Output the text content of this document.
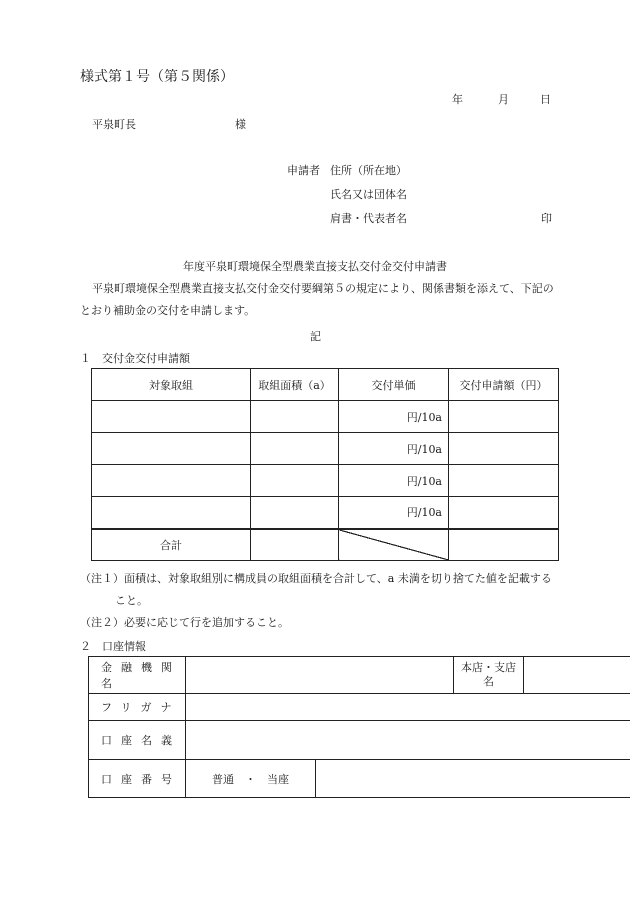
様式第１号（第５関係）
年	月	日
平泉町長	様
申請者 住所（所在地）
氏名又は団体名
肩書・代表者名	印
年度平泉町環境保全型農業直接支払交付金交付申請書
平泉町環境保全型農業直接支払交付金交付要綱第５の規定により、関係書類を添えて、下記の
とおり補助金の交付を申請します。
記
１　交付金交付申請額
対象取組	取組面積（a）	交付単価	交付申請額（円）
		円/10a	
		円/10a	
		円/10a	
		円/10a	
合計			
（注１）面積は、対象取組別に構成員の取組面積を合計して、a 未満を切り捨てた値を記載する
こと。
（注２）必要に応じて行を追加すること。
２　口座情報
金融機関名			本店・支店
名	

フリガナ				
口座名義				
口座番号	普通　・　当座			
